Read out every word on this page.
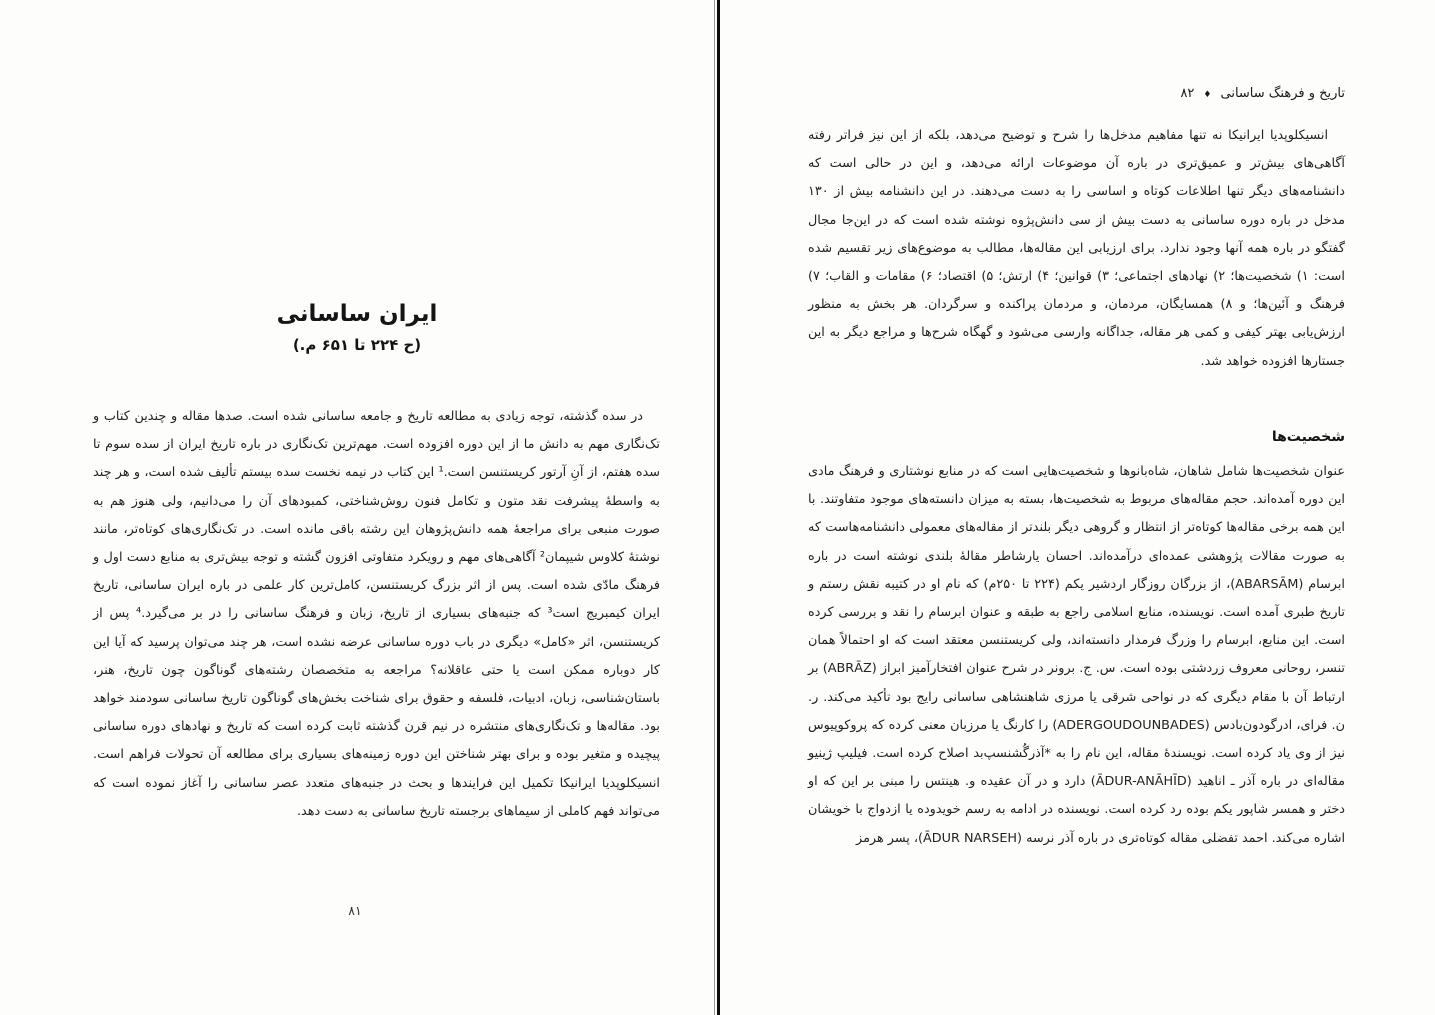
ایران ساسانی
(ح ۲۲۴ تا ۶۵۱ م.)
در سده گذشته، توجه زیادی به مطالعه تاریخ و جامعه ساسانی شده است. صدها مقاله و چندین کتاب و تک‌نگاری مهم به دانش ما از این دوره افزوده است. مهم‌ترین تک‌نگاری در باره تاریخ ایران از سده سوم تا سده هفتم، از آنِ آرتور کریستنسن است.¹ این کتاب در نیمه نخست سده بیستم تألیف شده است، و هر چند به واسطهٔ پیشرفت نقد متون و تکامل فنون روش‌شناختی، کمبودهای آن را می‌دانیم، ولی هنوز هم به صورت منبعی برای مراجعهٔ همه دانش‌پژوهان این رشته باقی مانده است. در تک‌نگاری‌های کوتاه‌تر، مانند نوشتهٔ کلاوس شیپمان² آگاهی‌های مهم و رویکرد متفاوتی افزون گشته و توجه بیش‌تری به منابع دست اول و فرهنگ مادّی شده است. پس از اثر بزرگ کریستنسن، کامل‌ترین کار علمی در باره ایران ساسانی، تاریخ ایران کیمبریج است³ که جنبه‌های بسیاری از تاریخ، زبان و فرهنگ ساسانی را در بر می‌گیرد.⁴ پس از کریستنسن، اثر «کامل» دیگری در باب دوره ساسانی عرضه نشده است، هر چند می‌توان پرسید که آیا این کار دوباره ممکن است یا حتی عاقلانه؟ مراجعه به متخصصان رشته‌های گوناگون چون تاریخ، هنر، باستان‌شناسی، زبان، ادبیات، فلسفه و حقوق برای شناخت بخش‌های گوناگون تاریخ ساسانی سودمند خواهد بود. مقاله‌ها و تک‌نگاری‌های منتشره در نیم قرن گذشته ثابت کرده است که تاریخ و نهادهای دوره ساسانی پیچیده و متغیر بوده و برای بهتر شناختن این دوره زمینه‌های بسیاری برای مطالعه آن تحولات فراهم است. انسیکلوپدیا ایرانیکا تکمیل این فرایندها و بحث در جنبه‌های متعدد عصر ساسانی را آغاز نموده است که می‌تواند فهم کاملی از سیماهای برجسته تاریخ ساسانی به دست دهد.
۸۱
۸۲ ♦ تاریخ و فرهنگ ساسانی
انسیکلوپدیا ایرانیکا نه تنها مفاهیم مدخل‌ها را شرح و توضیح می‌دهد، بلکه از این نیز فراتر رفته آگاهی‌های بیش‌تر و عمیق‌تری در باره آن موضوعات ارائه می‌دهد، و این در حالی است که دانشنامه‌های دیگر تنها اطلاعات کوتاه و اساسی را به دست می‌دهند. در این دانشنامه بیش از ۱۳۰ مدخل در باره دوره ساسانی به دست بیش از سی دانش‌پژوه نوشته شده است که در این‌جا مجال گفتگو در باره همه آنها وجود ندارد. برای ارزیابی این مقاله‌ها، مطالب به موضوع‌های زیر تقسیم شده است: ۱) شخصیت‌ها؛ ۲) نهادهای اجتماعی؛ ۳) قوانین؛ ۴) ارتش؛ ۵) اقتصاد؛ ۶) مقامات و القاب؛ ۷) فرهنگ و آئین‌ها؛ و ۸) همسایگان، مردمان، و مردمان پراکنده و سرگردان. هر بخش به منظور ارزش‌یابی بهتر کیفی و کمی هر مقاله، جداگانه وارسی می‌شود و گهگاه شرح‌ها و مراجع دیگر به این جستارها افزوده خواهد شد.
شخصیت‌ها
عنوان شخصیت‌ها شامل شاهان، شاه‌بانوها و شخصیت‌هایی است که در منابع نوشتاری و فرهنگ مادی این دوره آمده‌اند. حجم مقاله‌های مربوط به شخصیت‌ها، بسته به میزان دانسته‌های موجود متفاوتند. با این همه برخی مقاله‌ها کوتاه‌تر از انتظار و گروهی دیگر بلندتر از مقاله‌های معمولی دانشنامه‌هاست که به صورت مقالات پژوهشی عمده‌ای درآمده‌اند. احسان یارشاطر مقالهٔ بلندی نوشته است در باره ابرسام (ABARSĀM)، از بزرگان روزگار اردشیر یکم (۲۲۴ تا ۲۵۰م) که نام او در کتیبه نقش رستم و تاریخ طبری آمده است. نویسنده، منابع اسلامی راجع به طبقه و عنوان ابرسام را نقد و بررسی کرده است. این منابع، ابرسام را وزرگ فرمدار دانسته‌اند، ولی کریستنسن معتقد است که او احتمالاً همان تنسر، روحانی معروف زردشتی بوده است. س. ج. برونر در شرح عنوان افتخارآمیز ابراز (ABRĀZ) بر ارتباط آن با مقام دیگری که در نواحی شرقی یا مرزی شاهنشاهی ساسانی رایج بود تأکید می‌کند. ر. ن. فرای، ادرگودون‌بادس (ADERGOUDOUNBADES) را کارنگ یا مرزبان معنی کرده که پروکوپیوس نیز از وی یاد کرده است. نویسندهٔ مقاله، این نام را به *آذرگُشنسپ‌بد اصلاح کرده است. فیلیپ ژینیو مقاله‌ای در باره آذر ـ اناهید (ĀDUR-ANĀHĪD) دارد و در آن عقیده و. هینتس را مبنی بر این که او دختر و همسر شاپور یکم بوده رد کرده است. نویسنده در ادامه به رسم خویدوده یا ازدواج با خویشان اشاره می‌کند. احمد تفضلی مقاله کوتاه‌تری در باره آذر نرسه (ĀDUR NARSEH)، پسر هرمز
